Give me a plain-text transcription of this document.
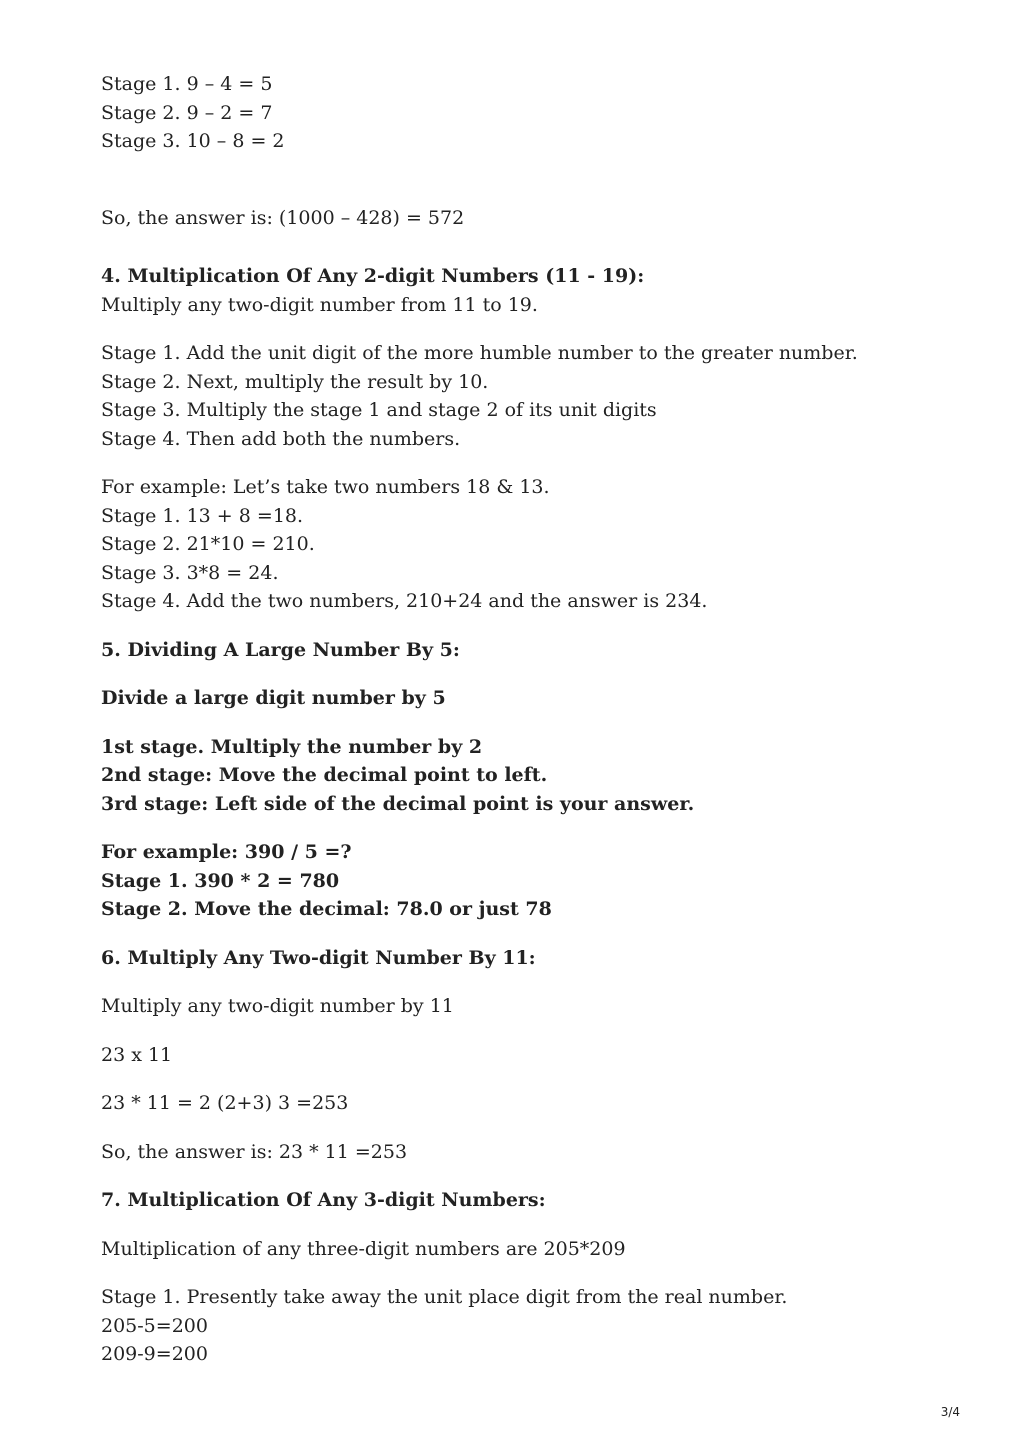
Stage 1. 9 – 4 = 5
Stage 2. 9 – 2 = 7
Stage 3. 10 – 8 = 2
So, the answer is: (1000 – 428) = 572
4. Multiplication Of Any 2-digit Numbers (11 - 19):
Multiply any two-digit number from 11 to 19.
Stage 1. Add the unit digit of the more humble number to the greater number.
Stage 2. Next, multiply the result by 10.
Stage 3. Multiply the stage 1 and stage 2 of its unit digits
Stage 4. Then add both the numbers.
For example: Let’s take two numbers 18 & 13.
Stage 1. 13 + 8 =18.
Stage 2. 21*10 = 210.
Stage 3. 3*8 = 24.
Stage 4. Add the two numbers, 210+24 and the answer is 234.
5. Dividing A Large Number By 5:
Divide a large digit number by 5
1st stage. Multiply the number by 2
2nd stage: Move the decimal point to left.
3rd stage: Left side of the decimal point is your answer.
For example: 390 / 5 =?
Stage 1. 390 * 2 = 780
Stage 2. Move the decimal: 78.0 or just 78
6. Multiply Any Two-digit Number By 11:
Multiply any two-digit number by 11
23 x 11
23 * 11 = 2 (2+3) 3 =253
So, the answer is: 23 * 11 =253
7. Multiplication Of Any 3-digit Numbers:
Multiplication of any three-digit numbers are 205*209
Stage 1. Presently take away the unit place digit from the real number.
205-5=200
209-9=200
3/4
